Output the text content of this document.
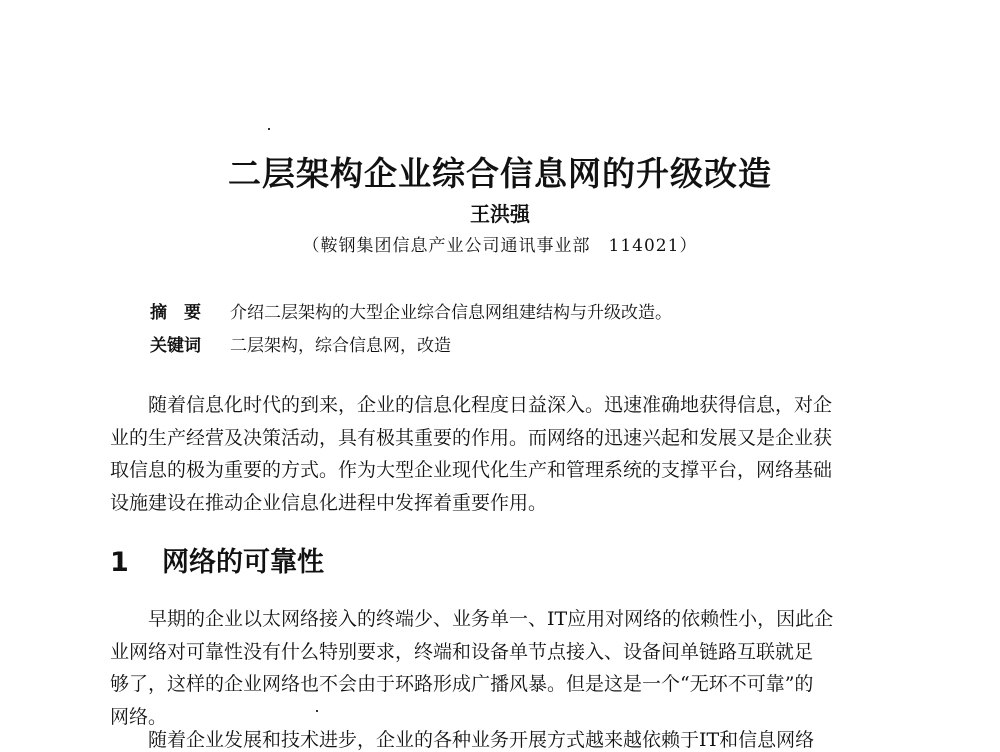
二层架构企业综合信息网的升级改造
王洪强
（鞍钢集团信息产业公司通讯事业部　114021）
摘　要 介绍二层架构的大型企业综合信息网组建结构与升级改造。
关键词 二层架构，综合信息网，改造
随着信息化时代的到来，企业的信息化程度日益深入。迅速准确地获得信息，对企
业的生产经营及决策活动，具有极其重要的作用。而网络的迅速兴起和发展又是企业获
取信息的极为重要的方式。作为大型企业现代化生产和管理系统的支撑平台，网络基础
设施建设在推动企业信息化进程中发挥着重要作用。
1 网络的可靠性
早期的企业以太网络接入的终端少、业务单一、IT应用对网络的依赖性小，因此企
业网络对可靠性没有什么特别要求，终端和设备单节点接入、设备间单链路互联就足
够了，这样的企业网络也不会由于环路形成广播风暴。但是这是一个“无环不可靠”的
网络。
随着企业发展和技术进步，企业的各种业务开展方式越来越依赖于IT和信息网络
